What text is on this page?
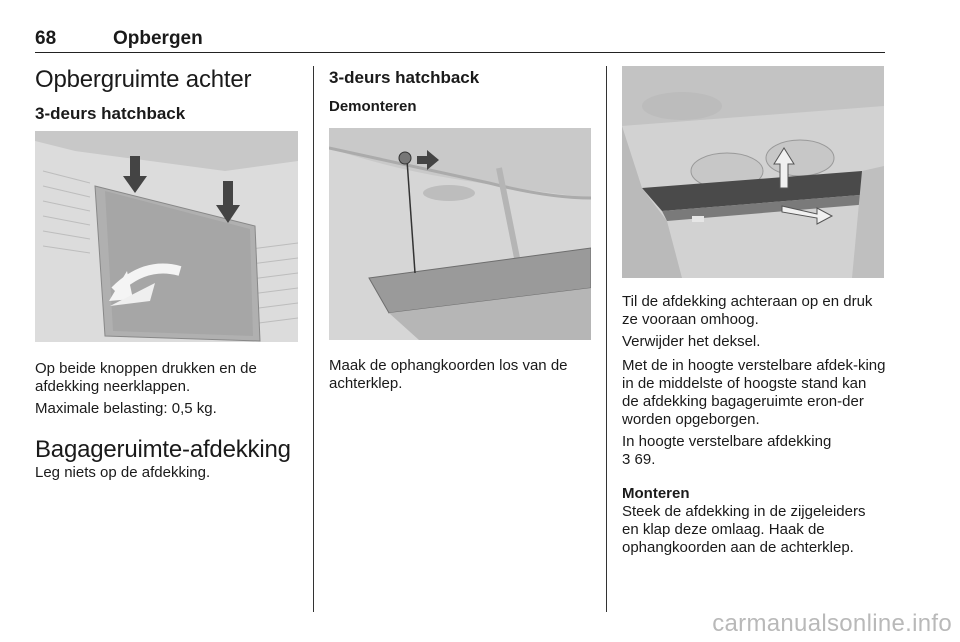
68	Opbergen
Opbergruimte achter
3-deurs hatchback
Op beide knoppen drukken en de afdekking neerklappen.
Maximale belasting: 0,5 kg.
Bagageruimte-afdekking
Leg niets op de afdekking.
3-deurs hatchback
Demonteren
Maak de ophangkoorden los van de achterklep.
Til de afdekking achteraan op en druk ze vooraan omhoog.
Verwijder het deksel.
Met de in hoogte verstelbare afdek-king in de middelste of hoogste stand kan de afdekking bagageruimte eron-der worden opgeborgen.
In hoogte verstelbare afdekking
3 69.
Monteren
Steek de afdekking in de zijgeleiders en klap deze omlaag. Haak de ophangkoorden aan de achterklep.
carmanualsonline.info
